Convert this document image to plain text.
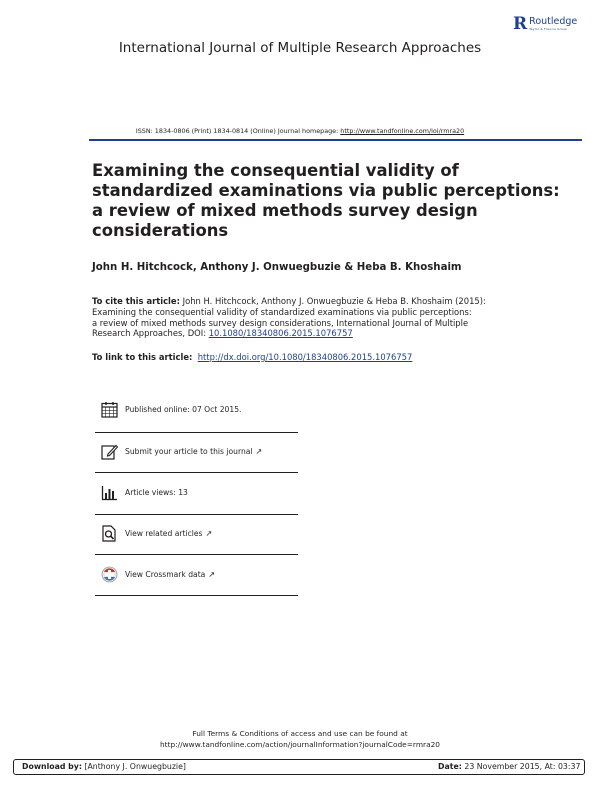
R Routledge
Taylor & Francis Group
International Journal of Multiple Research Approaches
ISSN: 1834-0806 (Print) 1834-0814 (Online) Journal homepage: http://www.tandfonline.com/loi/rmra20
Examining the consequential validity of
standardized examinations via public perceptions:
a review of mixed methods survey design
considerations
John H. Hitchcock, Anthony J. Onwuegbuzie & Heba B. Khoshaim
To cite this article: John H. Hitchcock, Anthony J. Onwuegbuzie & Heba B. Khoshaim (2015):
Examining the consequential validity of standardized examinations via public perceptions:
a review of mixed methods survey design considerations, International Journal of Multiple
Research Approaches, DOI: 10.1080/18340806.2015.1076757
To link to this article: http://dx.doi.org/10.1080/18340806.2015.1076757
Published online: 07 Oct 2015.
Submit your article to this journal ↗
Article views: 13
View related articles ↗
View Crossmark data ↗
Full Terms & Conditions of access and use can be found at
http://www.tandfonline.com/action/journalInformation?journalCode=rmra20
Download by: [Anthony J. Onwuegbuzie]	Date: 23 November 2015, At: 03:37
